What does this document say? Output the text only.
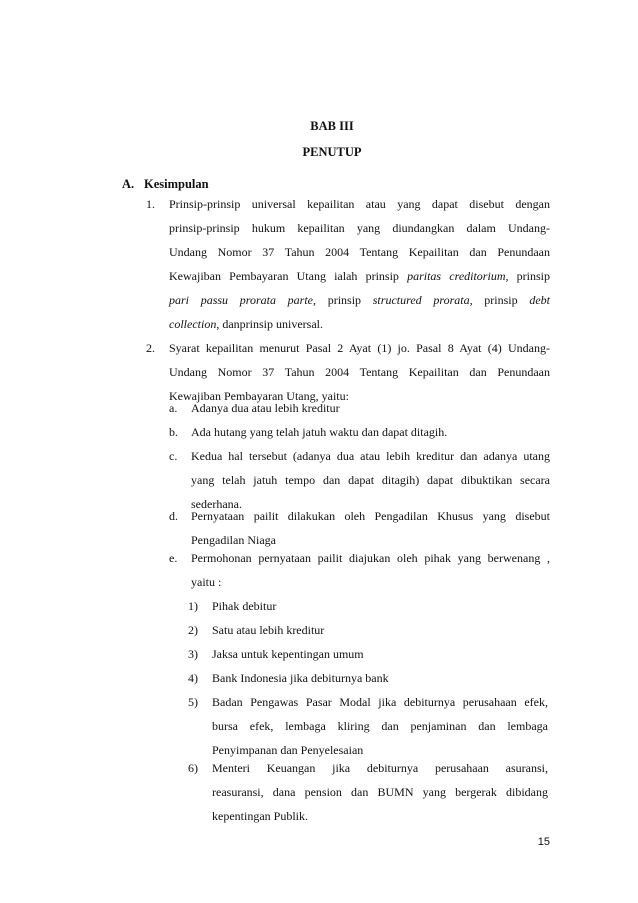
BAB III
PENUTUP
A. Kesimpulan
1. Prinsip-prinsip universal kepailitan atau yang dapat disebut dengan
prinsip-prinsip hukum kepailitan yang diundangkan dalam Undang-
Undang Nomor 37 Tahun 2004 Tentang Kepailitan dan Penundaan
Kewajiban Pembayaran Utang ialah prinsip paritas creditorium, prinsip
pari passu prorata parte, prinsip structured prorata, prinsip debt
collection, danprinsip universal.
2. Syarat kepailitan menurut Pasal 2 Ayat (1) jo. Pasal 8 Ayat (4) Undang-
Undang Nomor 37 Tahun 2004 Tentang Kepailitan dan Penundaan
Kewajiban Pembayaran Utang, yaitu:
a. Adanya dua atau lebih kreditur
b. Ada hutang yang telah jatuh waktu dan dapat ditagih.
c. Kedua hal tersebut (adanya dua atau lebih kreditur dan adanya utang
yang telah jatuh tempo dan dapat ditagih) dapat dibuktikan secara
sederhana.
d. Pernyataan pailit dilakukan oleh Pengadilan Khusus yang disebut
Pengadilan Niaga
e. Permohonan pernyataan pailit diajukan oleh pihak yang berwenang ,
yaitu :
1) Pihak debitur
2) Satu atau lebih kreditur
3) Jaksa untuk kepentingan umum
4) Bank Indonesia jika debiturnya bank
5) Badan Pengawas Pasar Modal jika debiturnya perusahaan efek,
bursa efek, lembaga kliring dan penjaminan dan lembaga
Penyimpanan dan Penyelesaian
6) Menteri Keuangan jika debiturnya perusahaan asuransi,
reasuransi, dana pension dan BUMN yang bergerak dibidang
kepentingan Publik.
15
